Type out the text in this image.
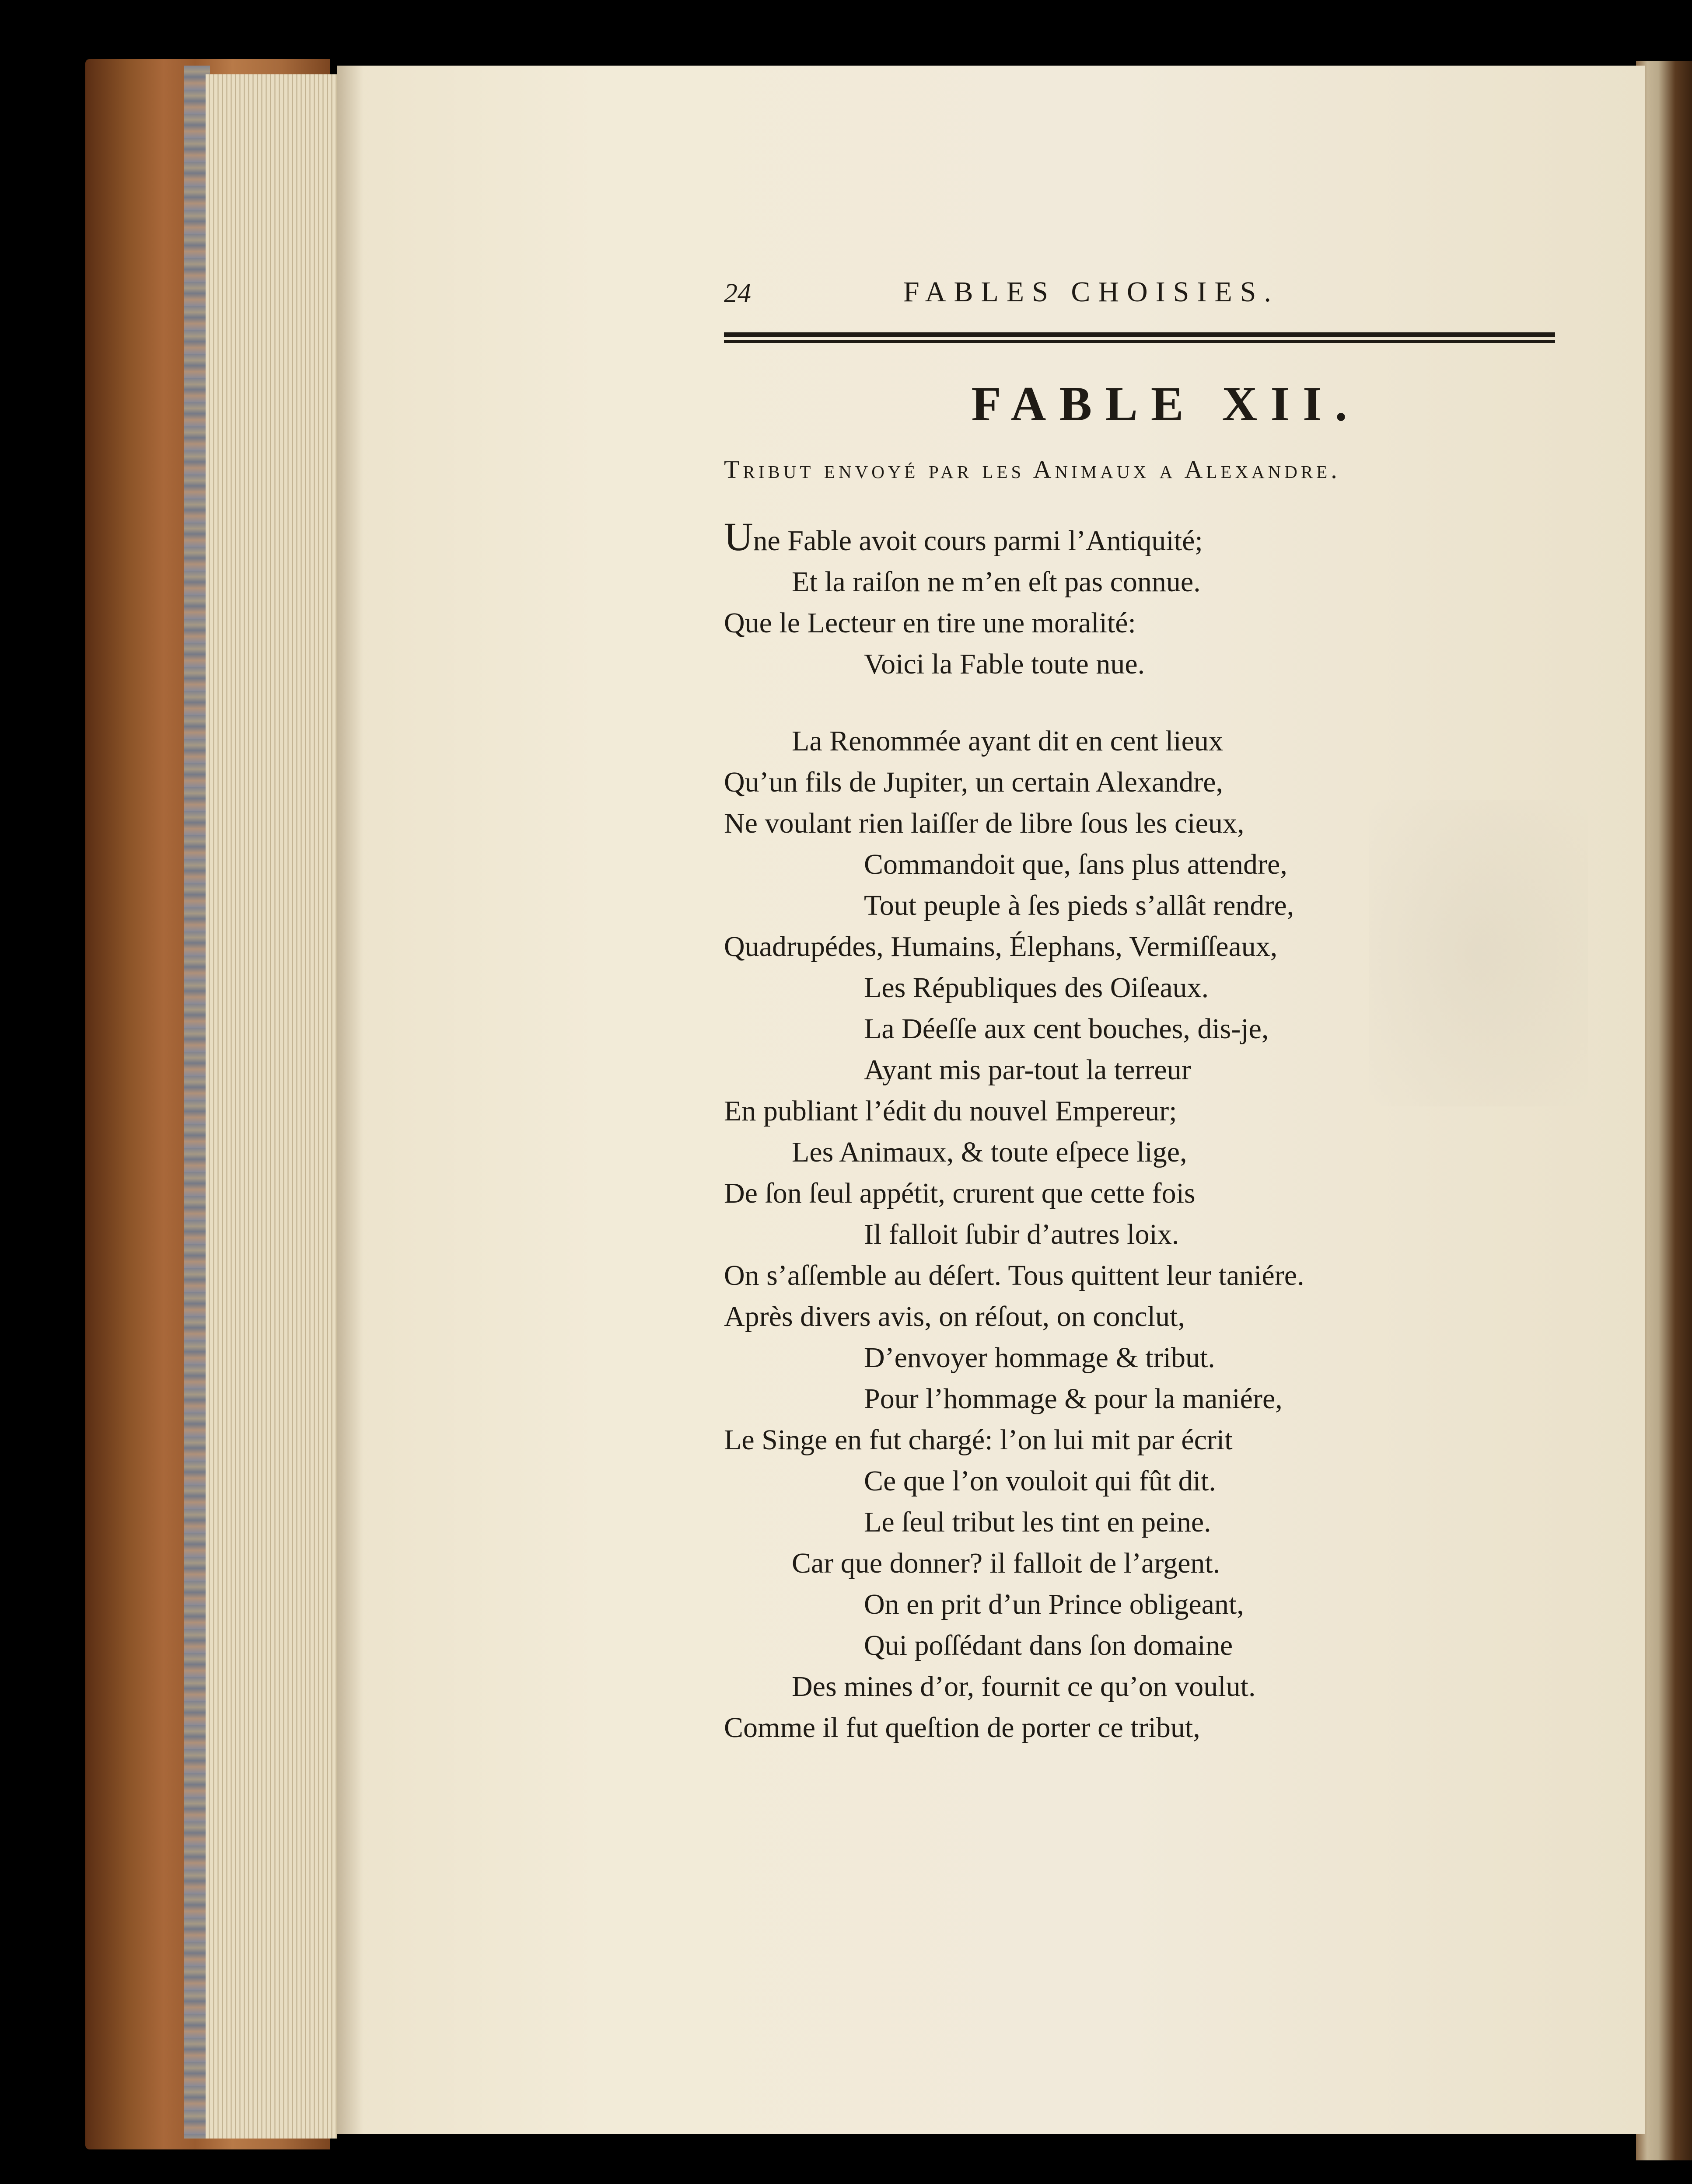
24	FABLES CHOISIES.
FABLE XII.
Tribut envoyé par les Animaux a Alexandre.
Une Fable avoit cours parmi l’Antiquité;
Et la raiſon ne m’en eſt pas connue.
Que le Lecteur en tire une moralité:
Voici la Fable toute nue.
La Renommée ayant dit en cent lieux
Qu’un fils de Jupiter, un certain Alexandre,
Ne voulant rien laiſſer de libre ſous les cieux,
Commandoit que, ſans plus attendre,
Tout peuple à ſes pieds s’allât rendre,
Quadrupédes, Humains, Élephans, Vermiſſeaux,
Les Républiques des Oiſeaux.
La Déeſſe aux cent bouches, dis-je,
Ayant mis par-tout la terreur
En publiant l’édit du nouvel Empereur;
Les Animaux, & toute eſpece lige,
De ſon ſeul appétit, crurent que cette fois
Il falloit ſubir d’autres loix.
On s’aſſemble au déſert. Tous quittent leur taniére.
Après divers avis, on réſout, on conclut,
D’envoyer hommage & tribut.
Pour l’hommage & pour la maniére,
Le Singe en fut chargé: l’on lui mit par écrit
Ce que l’on vouloit qui fût dit.
Le ſeul tribut les tint en peine.
Car que donner? il falloit de l’argent.
On en prit d’un Prince obligeant,
Qui poſſédant dans ſon domaine
Des mines d’or, fournit ce qu’on voulut.
Comme il fut queſtion de porter ce tribut,
